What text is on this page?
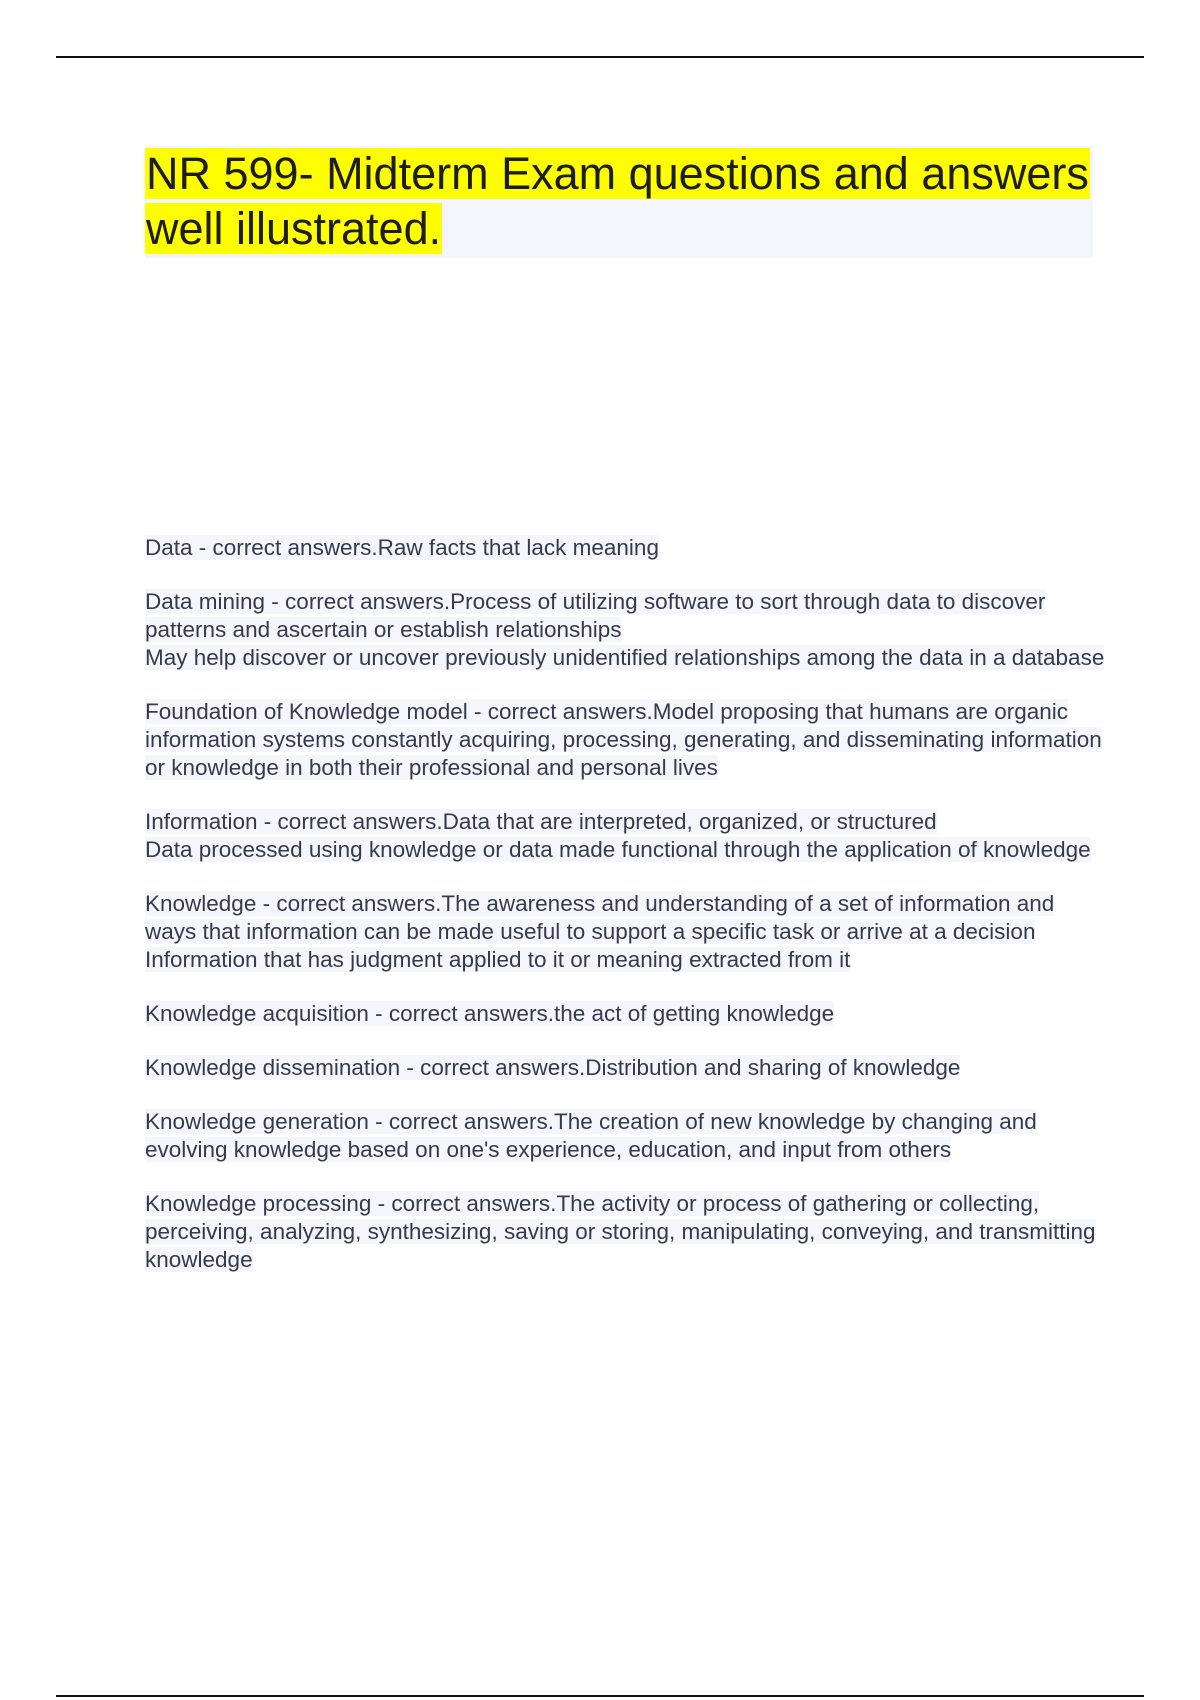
NR 599- Midterm Exam questions and answers well illustrated.

Data - correct answers.Raw facts that lack meaning

Data mining - correct answers.Process of utilizing software to sort through data to discover patterns and ascertain or establish relationships

May help discover or uncover previously unidentified relationships among the data in a database

Foundation of Knowledge model - correct answers.Model proposing that humans are organic information systems constantly acquiring, processing, generating, and disseminating information or knowledge in both their professional and personal lives

Information - correct answers.Data that are interpreted, organized, or structured

Data processed using knowledge or data made functional through the application of knowledge

Knowledge - correct answers.The awareness and understanding of a set of information and ways that information can be made useful to support a specific task or arrive at a decision

Information that has judgment applied to it or meaning extracted from it

Knowledge acquisition - correct answers.the act of getting knowledge

Knowledge dissemination - correct answers.Distribution and sharing of knowledge

Knowledge generation - correct answers.The creation of new knowledge by changing and evolving knowledge based on one's experience, education, and input from others

Knowledge processing - correct answers.The activity or process of gathering or collecting, perceiving, analyzing, synthesizing, saving or storing, manipulating, conveying, and transmitting knowledge
